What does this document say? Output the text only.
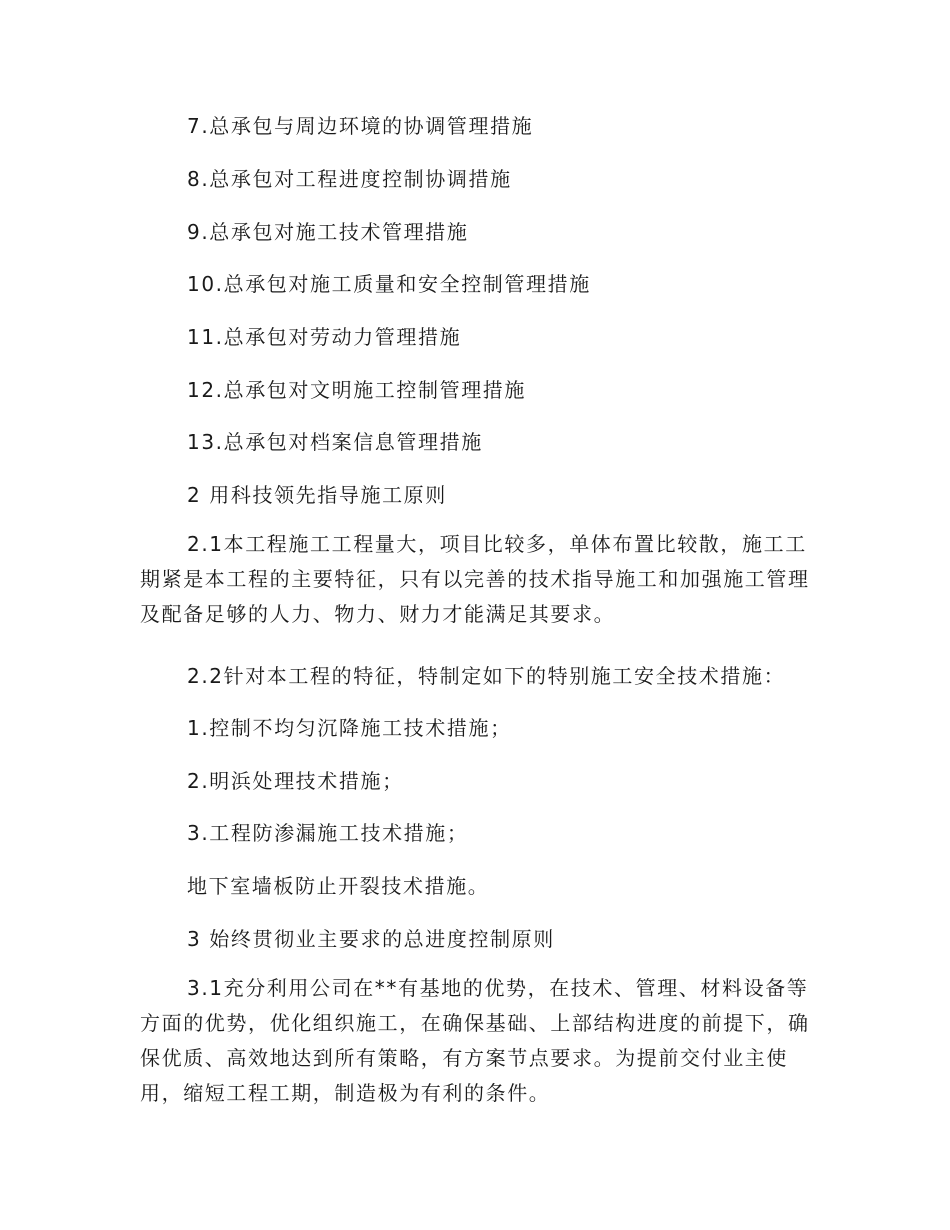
7.总承包与周边环境的协调管理措施
8.总承包对工程进度控制协调措施
9.总承包对施工技术管理措施
10.总承包对施工质量和安全控制管理措施
11.总承包对劳动力管理措施
12.总承包对文明施工控制管理措施
13.总承包对档案信息管理措施
2 用科技领先指导施工原则

2.1本工程施工工程量大，项目比较多，单体布置比较散，施工工期紧是本工程的主要特征，只有以完善的技术指导施工和加强施工管理及配备足够的人力、物力、财力才能满足其要求。

2.2针对本工程的特征，特制定如下的特别施工安全技术措施：
1.控制不均匀沉降施工技术措施；
2.明浜处理技术措施；
3.工程防渗漏施工技术措施；
地下室墙板防止开裂技术措施。
3 始终贯彻业主要求的总进度控制原则

3.1充分利用公司在**有基地的优势，在技术、管理、材料设备等方面的优势，优化组织施工，在确保基础、上部结构进度的前提下，确保优质、高效地达到所有策略，有方案节点要求。为提前交付业主使用，缩短工程工期，制造极为有利的条件。
